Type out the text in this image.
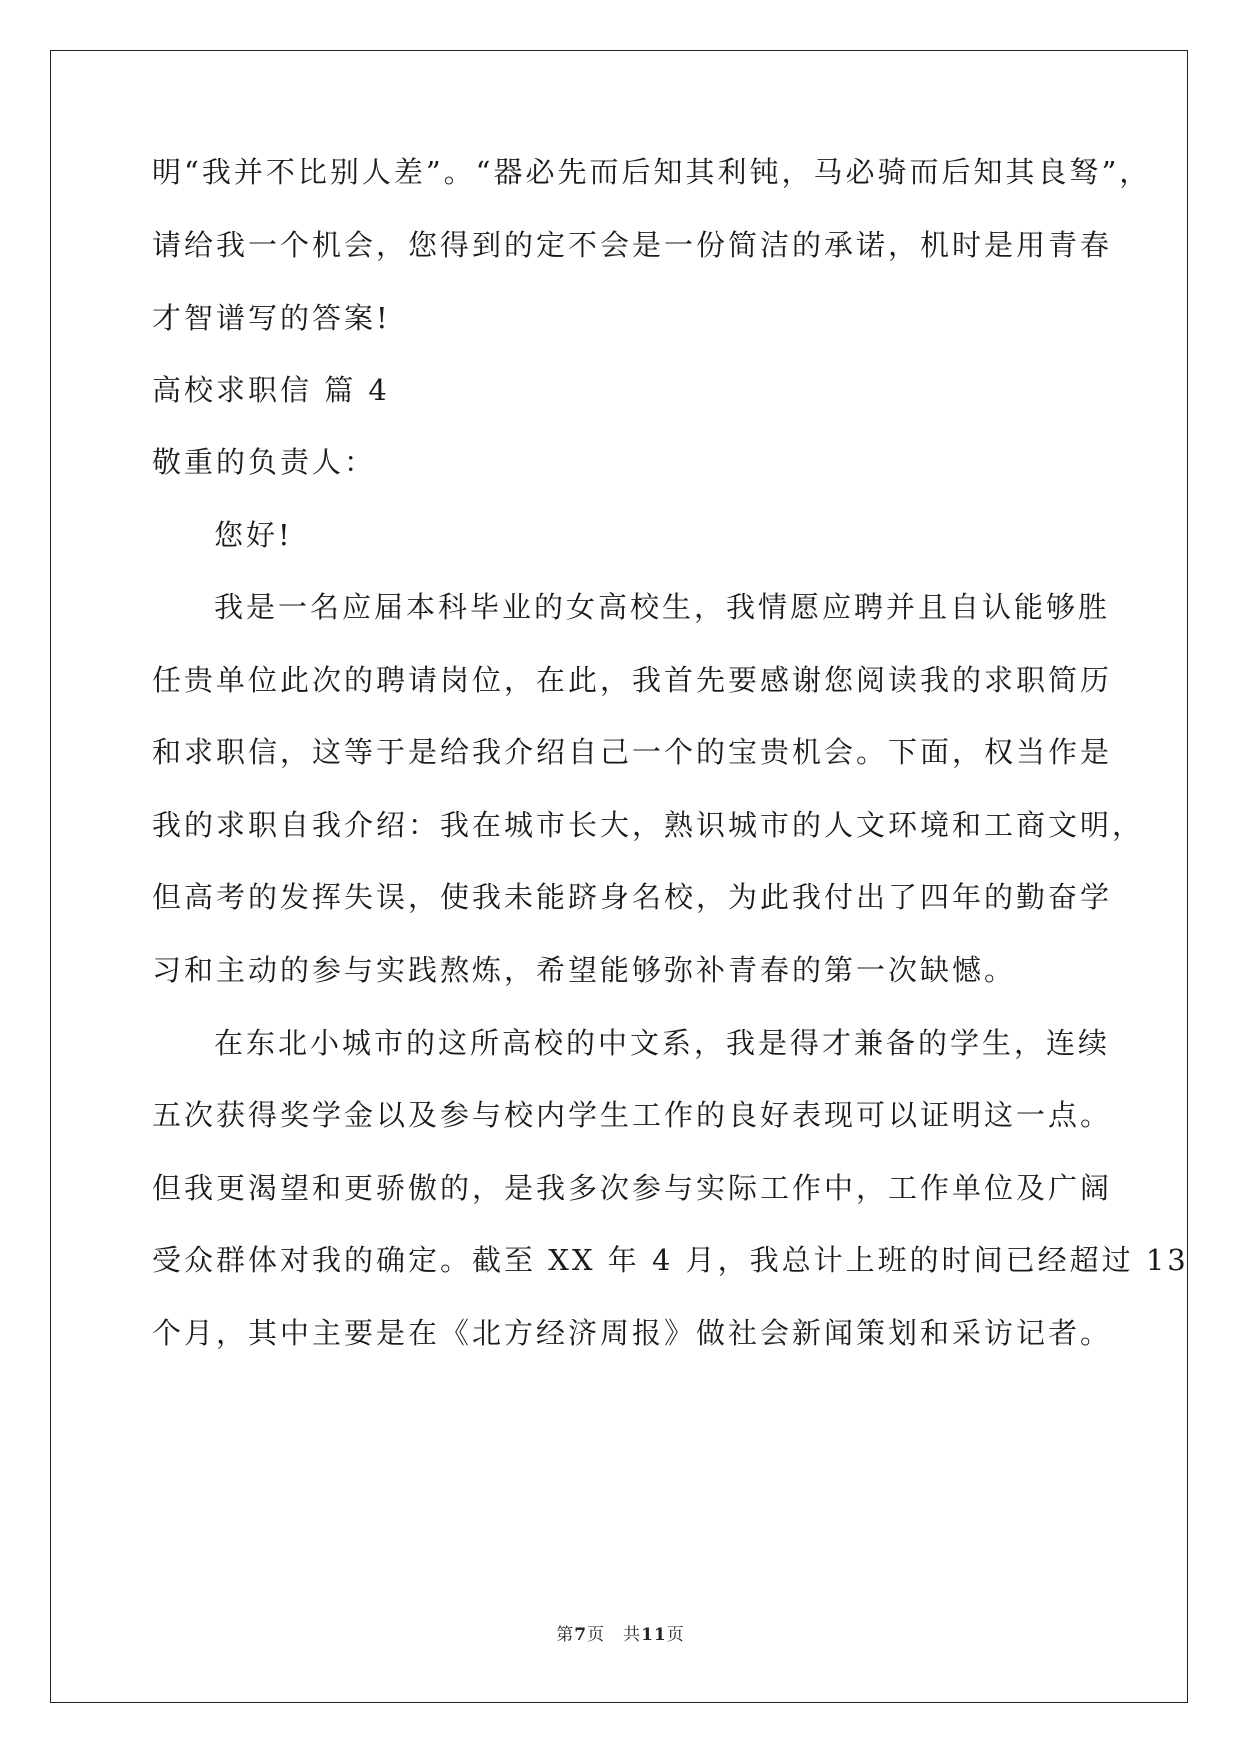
明“我并不比别人差”。“器必先而后知其利钝，马必骑而后知其良驽”，
请给我一个机会，您得到的定不会是一份简洁的承诺，机时是用青春
才智谱写的答案!
高校求职信 篇 4
敬重的负责人：
您好!
我是一名应届本科毕业的女高校生，我情愿应聘并且自认能够胜
任贵单位此次的聘请岗位，在此，我首先要感谢您阅读我的求职简历
和求职信，这等于是给我介绍自己一个的宝贵机会。下面，权当作是
我的求职自我介绍：我在城市长大，熟识城市的人文环境和工商文明，
但高考的发挥失误，使我未能跻身名校，为此我付出了四年的勤奋学
习和主动的参与实践熬炼，希望能够弥补青春的第一次缺憾。
在东北小城市的这所高校的中文系，我是得才兼备的学生，连续
五次获得奖学金以及参与校内学生工作的良好表现可以证明这一点。
但我更渴望和更骄傲的，是我多次参与实际工作中，工作单位及广阔
受众群体对我的确定。截至 XX 年 4 月，我总计上班的时间已经超过 13
个月，其中主要是在《北方经济周报》做社会新闻策划和采访记者。
第7页　共11页
